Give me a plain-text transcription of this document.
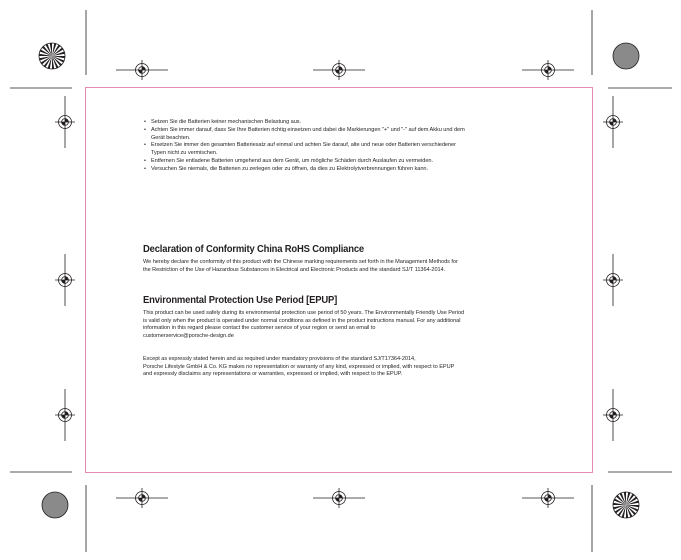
• Setzen Sie die Batterien keiner mechanischen Belastung aus.
• Achten Sie immer darauf, dass Sie Ihre Batterien richtig einsetzen und dabei die Markierungen "+" und "-" auf dem Akku und dem
Gerät beachten.
• Ersetzen Sie immer den gesamten Batteriesatz auf einmal und achten Sie darauf, alte und neue oder Batterien verschiedener
Typen nicht zu vermischen.
• Entfernen Sie entladene Batterien umgehend aus dem Gerät, um mögliche Schäden durch Auslaufen zu vermeiden.
• Versuchen Sie niemals, die Batterien zu zerlegen oder zu öffnen, da dies zu Elektrolytverbrennungen führen kann.
Declaration of Conformity China RoHS Compliance

We hereby declare the conformity of this product with the Chinese marking requirements set forth in the Management Methods for
the Restriction of the Use of Hazardous Substances in Electrical and Electronic Products and the standard SJ/T 11364-2014.

Environmental Protection Use Period [EPUP]

This product can be used safely during its environmental protection use period of 50 years. The Environmentally Friendly Use Period
is valid only when the product is operated under normal conditions as defined in the product instructions manual. For any additional
information in this regard please contact the customer service of your region or send an email to
customerservice@porsche-design.de

Except as expressly stated herein and as required under mandatory provisions of the standard SJ/T17364-2014,
Porsche Lifestyle GmbH & Co. KG makes no representation or warranty of any kind, expressed or implied, with respect to EPUP
and expressly disclaims any representations or warranties, expressed or implied, with respect to the EPUP.
